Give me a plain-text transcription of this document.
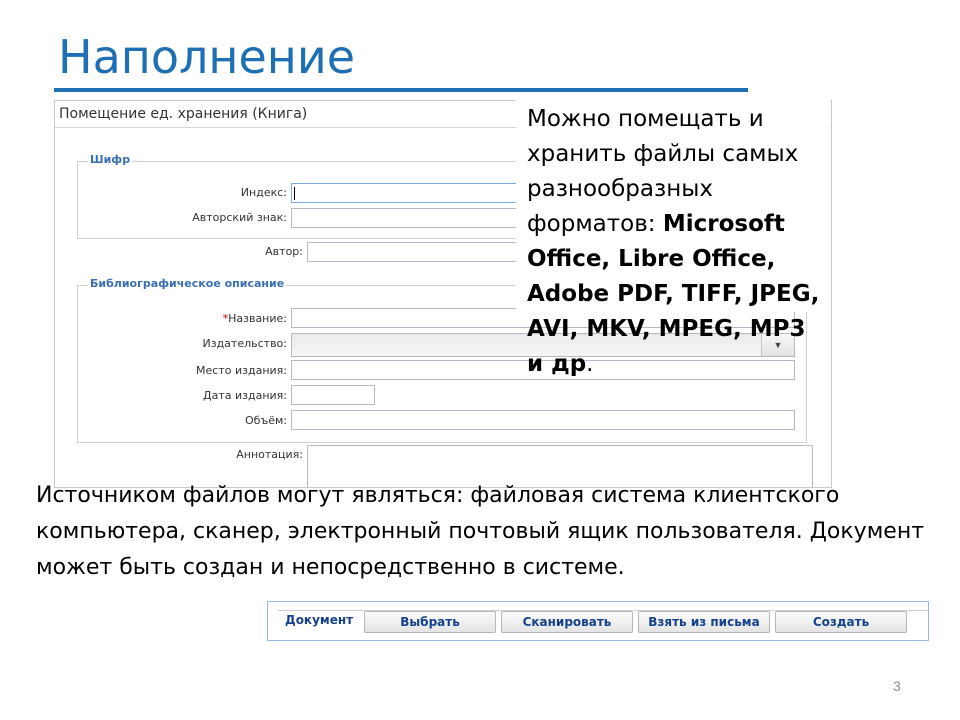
Наполнение
Помещение ед. хранения (Книга)
Шифр
Индекс:
Авторский знак:
Автор:
Библиографическое описание
*Название:
Издательство:
Место издания:
Дата издания:
Объём:
Аннотация:
Можно помещать и хранить файлы самых разнообразных форматов: Microsoft Office, Libre Office, Adobe PDF, TIFF, JPEG, AVI, MKV, MPEG, MP3 и др.
Источником файлов могут являться: файловая система клиентского компьютера, сканер, электронный почтовый ящик пользователя. Документ может быть создан и непосредственно в системе.
Документ	Выбрать	Сканировать	Взять из письма	Создать
3
